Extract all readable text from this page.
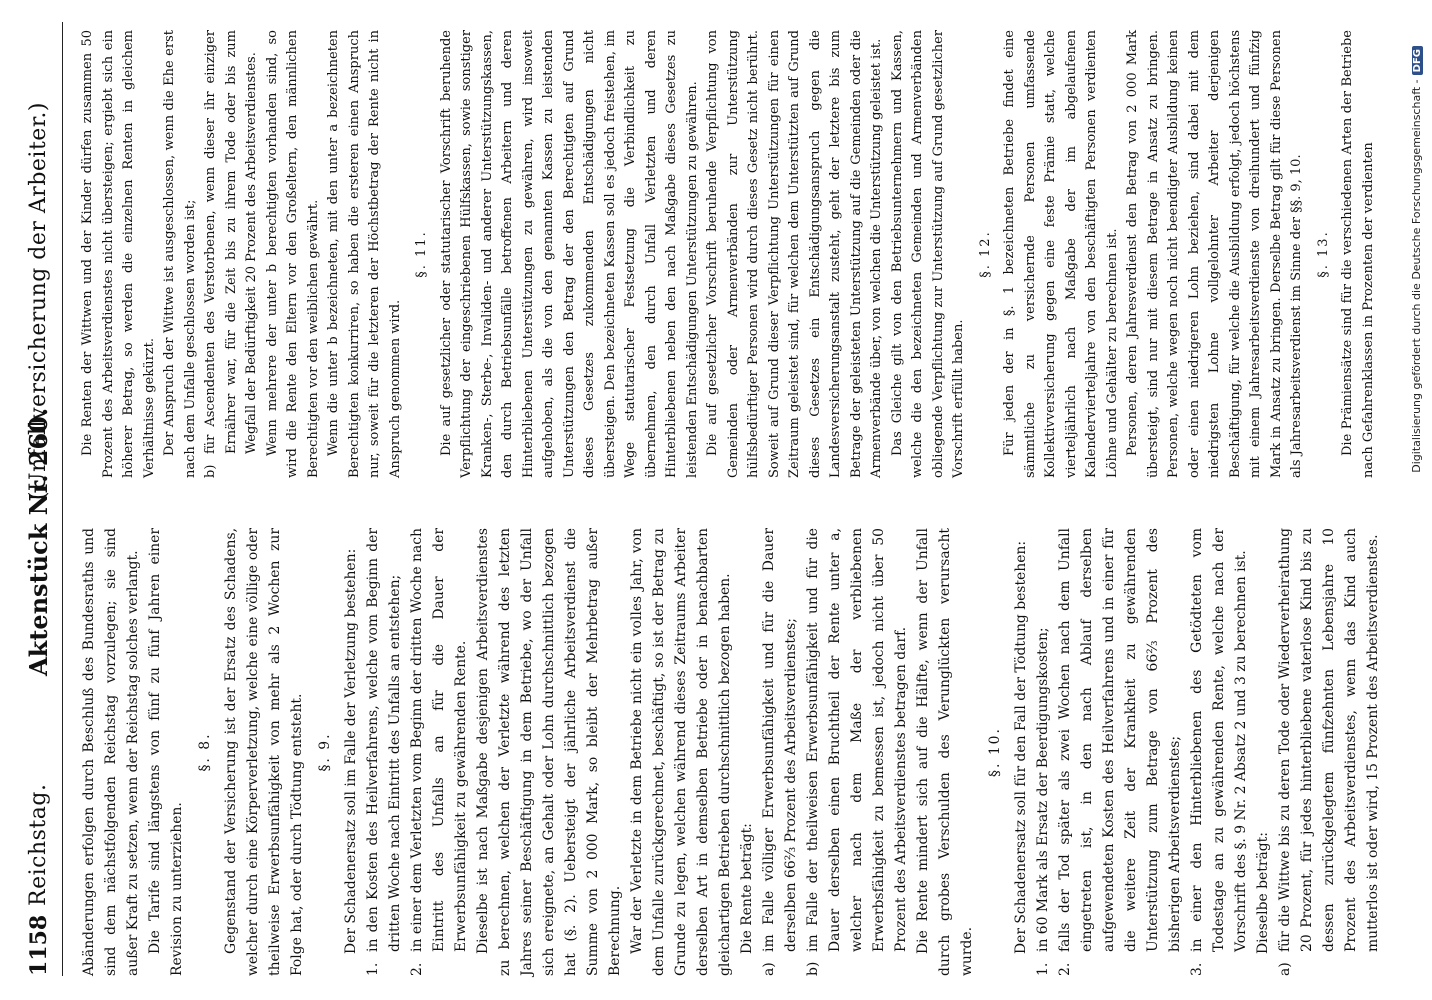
1158
Reichstag.
Aktenstück Nr. 260.
(Unfallversicherung der Arbeiter.)

Abänderungen erfolgen durch Beschluß des Bundesraths und sind dem nächstfolgenden Reichstag vorzulegen; sie sind außer Kraft zu setzen, wenn der Reichstag solches verlangt. Die Tarife sind längstens von fünf zu fünf Jahren einer Revision zu unterziehen.

§. 8. Gegenstand der Versicherung ist der Ersatz des Schadens, welcher durch eine Körperverletzung, welche eine völlige oder theilweise Erwerbsunfähigkeit von mehr als 2 Wochen zur Folge hat, oder durch Tödtung entsteht. §. 9. Der Schadenersatz soll im Falle der Verletzung bestehen:

1.
in den Kosten des Heilverfahrens, welche vom Beginn der dritten Woche nach Eintritt des Unfalls an entstehen;
2.
in einer dem Verletzten vom Beginn der dritten Woche nach Eintritt des Unfalls an für die Dauer der Erwerbsunfähigkeit zu gewährenden Rente. Dieselbe ist nach Maßgabe desjenigen Arbeitsverdienstes zu berechnen, welchen der Verletzte während des letzten Jahres seiner Beschäftigung in dem Betriebe, wo der Unfall sich ereignete, an Gehalt oder Lohn durchschnittlich bezogen hat (§. 2). Uebersteigt der jährliche Arbeitsverdienst die Summe von 2 000 Mark, so bleibt der Mehrbetrag außer Berechnung. War der Verletzte in dem Betriebe nicht ein volles Jahr, von dem Unfalle zurückgerechnet, beschäftigt, so ist der Betrag zu Grunde zu legen, welchen während dieses Zeitraums Arbeiter derselben Art in demselben Betriebe oder in benachbarten gleichartigen Betrieben durchschnittlich bezogen haben. Die Rente beträgt:

a)
im Falle völliger Erwerbsunfähigkeit und für die Dauer derselben 66⅔ Prozent des Arbeitsverdienstes;
b)
im Falle der theilweisen Erwerbsunfähigkeit und für die Dauer derselben einen Bruchtheil der Rente unter a, welcher nach dem Maße der verbliebenen Erwerbsfähigkeit zu bemessen ist, jedoch nicht über 50 Prozent des Arbeitsverdienstes betragen darf. Die Rente mindert sich auf die Hälfte, wenn der Unfall durch grobes Verschulden des Verunglückten verursacht wurde.

§. 10. Der Schadenersatz soll für den Fall der Tödtung bestehen:

1.
in 60 Mark als Ersatz der Beerdigungskosten;
2.
falls der Tod später als zwei Wochen nach dem Unfall eingetreten ist, in den nach Ablauf derselben aufgewendeten Kosten des Heilverfahrens und in einer für die weitere Zeit der Krankheit zu gewährenden Unterstützung zum Betrage von 66⅔ Prozent des bisherigen Arbeitsverdienstes;
3.
in einer den Hinterbliebenen des Getödteten vom Todestage an zu gewährenden Rente, welche nach der Vorschrift des §. 9 Nr. 2 Absatz 2 und 3 zu berechnen ist. Dieselbe beträgt:

a)
für die Wittwe bis zu deren Tode oder Wiederverheirathung 20 Prozent, für jedes hinterbliebene vaterlose Kind bis zu dessen zurückgelegtem fünfzehnten Lebensjahre 10 Prozent des Arbeitsverdienstes, wenn das Kind auch mutterlos ist oder wird, 15 Prozent des Arbeitsverdienstes.

Die Renten der Wittwen und der Kinder dürfen zusammen 50 Prozent des Arbeitsverdienstes nicht übersteigen; ergiebt sich ein höherer Betrag, so werden die einzelnen Renten in gleichem Verhältnisse gekürzt. Der Anspruch der Wittwe ist ausgeschlossen, wenn die Ehe erst nach dem Unfalle geschlossen worden ist; b)
für Ascendenten des Verstorbenen, wenn dieser ihr einziger Ernährer war, für die Zeit bis zu ihrem Tode oder bis zum Wegfall der Bedürftigkeit 20 Prozent des Arbeitsverdienstes. Wenn mehrere der unter b berechtigten vorhanden sind, so wird die Rente den Eltern vor den Großeltern, den männlichen Berechtigten vor den weiblichen gewährt. Wenn die unter b bezeichneten, mit den unter a bezeichneten Berechtigten konkurriren, so haben die ersteren einen Anspruch nur, soweit für die letzteren der Höchstbetrag der Rente nicht in Anspruch genommen wird.

§. 11. Die auf gesetzlicher oder statutarischer Vorschrift beruhende Verpflichtung der eingeschriebenen Hülfskassen, sowie sonstiger Kranken-, Sterbe-, Invaliden- und anderer Unterstützungskassen, den durch Betriebsunfälle betroffenen Arbeitern und deren Hinterbliebenen Unterstützungen zu gewähren, wird insoweit aufgehoben, als die von den genannten Kassen zu leistenden Unterstützungen den Betrag der den Berechtigten auf Grund dieses Gesetzes zukommenden Entschädigungen nicht übersteigen. Den bezeichneten Kassen soll es jedoch freistehen, im Wege statutarischer Festsetzung die Verbindlichkeit zu übernehmen, den durch Unfall Verletzten und deren Hinterbliebenen neben den nach Maßgabe dieses Gesetzes zu leistenden Entschädigungen Unterstützungen zu gewähren. Die auf gesetzlicher Vorschrift beruhende Verpflichtung von Gemeinden oder Armenverbänden zur Unterstützung hülfsbedürftiger Personen wird durch dieses Gesetz nicht berührt. Soweit auf Grund dieser Verpflichtung Unterstützungen für einen Zeitraum geleistet sind, für welchen dem Unterstützten auf Grund dieses Gesetzes ein Entschädigungsanspruch gegen die Landesversicherungsanstalt zusteht, geht der letztere bis zum Betrage der geleisteten Unterstützung auf die Gemeinden oder die Armenverbände über, von welchen die Unterstützung geleistet ist. Das Gleiche gilt von den Betriebsunternehmern und Kassen, welche die den bezeichneten Gemeinden und Armenverbänden obliegende Verpflichtung zur Unterstützung auf Grund gesetzlicher Vorschrift erfüllt haben.

§. 12. Für jeden der in §. 1 bezeichneten Betriebe findet eine sämmtliche zu versichernde Personen umfassende Kollektivversicherung gegen eine feste Prämie statt, welche vierteljährlich nach Maßgabe der im abgelaufenen Kalendervierteljahre von den beschäftigten Personen verdienten Löhne und Gehälter zu berechnen ist. Personen, deren Jahresverdienst den Betrag von 2 000 Mark übersteigt, sind nur mit diesem Betrage in Ansatz zu bringen. Personen, welche wegen noch nicht beendigter Ausbildung keinen oder einen niedrigeren Lohn beziehen, sind dabei mit dem niedrigsten Lohne vollgelohnter Arbeiter derjenigen Beschäftigung, für welche die Ausbildung erfolgt, jedoch höchstens mit einem Jahresarbeitsverdienste von dreihundert und fünfzig Mark in Ansatz zu bringen. Derselbe Betrag gilt für diese Personen als Jahresarbeitsverdienst im Sinne der §§. 9, 10. §. 13. Die Prämiensätze sind für die verschiedenen Arten der Betriebe nach Gefahrenklassen in Prozenten der verdienten	Digitalisierung gefördert durch die Deutsche Forschungsgemeinschaft -DFG
